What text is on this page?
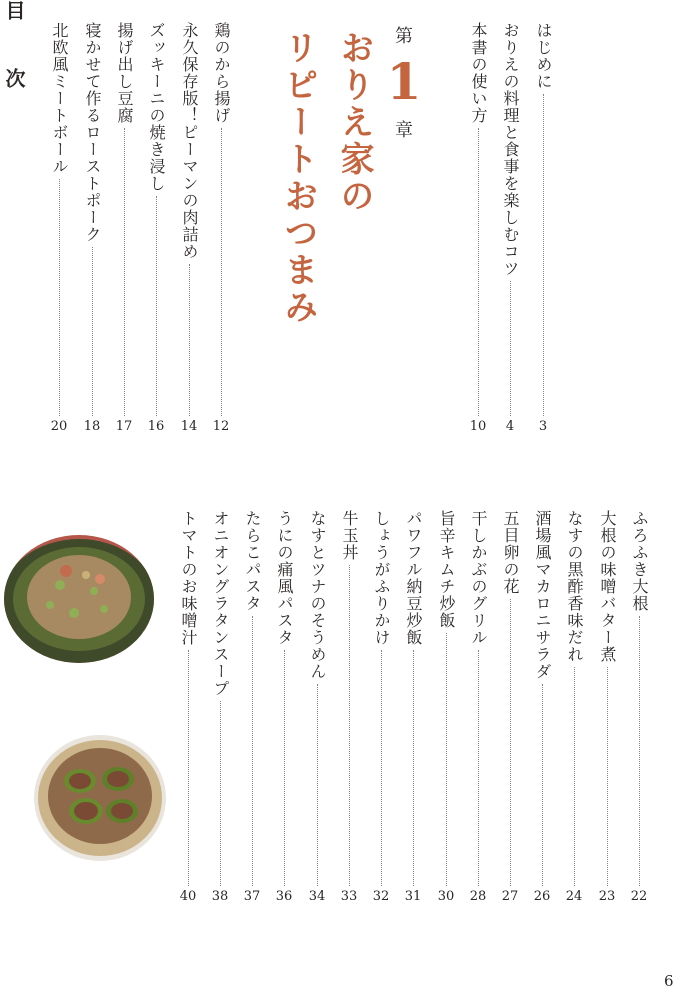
目　次	はじめに
3
おりえの料理と食事を楽しむコツ
4
本書の使い方
10
第
1
章
おりえ家の
リピートおつまみ
鶏のから揚げ
12
永久保存版！ピーマンの肉詰め
14
ズッキーニの焼き浸し
16
揚げ出し豆腐
17
寝かせて作るローストポーク
18
北欧風ミートボール
20
ふろふき大根
22
大根の味噌バター煮
23
なすの黒酢香味だれ
24
酒場風マカロニサラダ
26
五目卵の花
27
干しかぶのグリル
28
旨辛キムチ炒飯
30
パワフル納豆炒飯
31
しょうがふりかけ
32
牛玉丼
33
なすとツナのそうめん
34
うにの痛風パスタ
36
たらこパスタ
37
オニオングラタンスープ
38
トマトのお味噌汁
40
6
